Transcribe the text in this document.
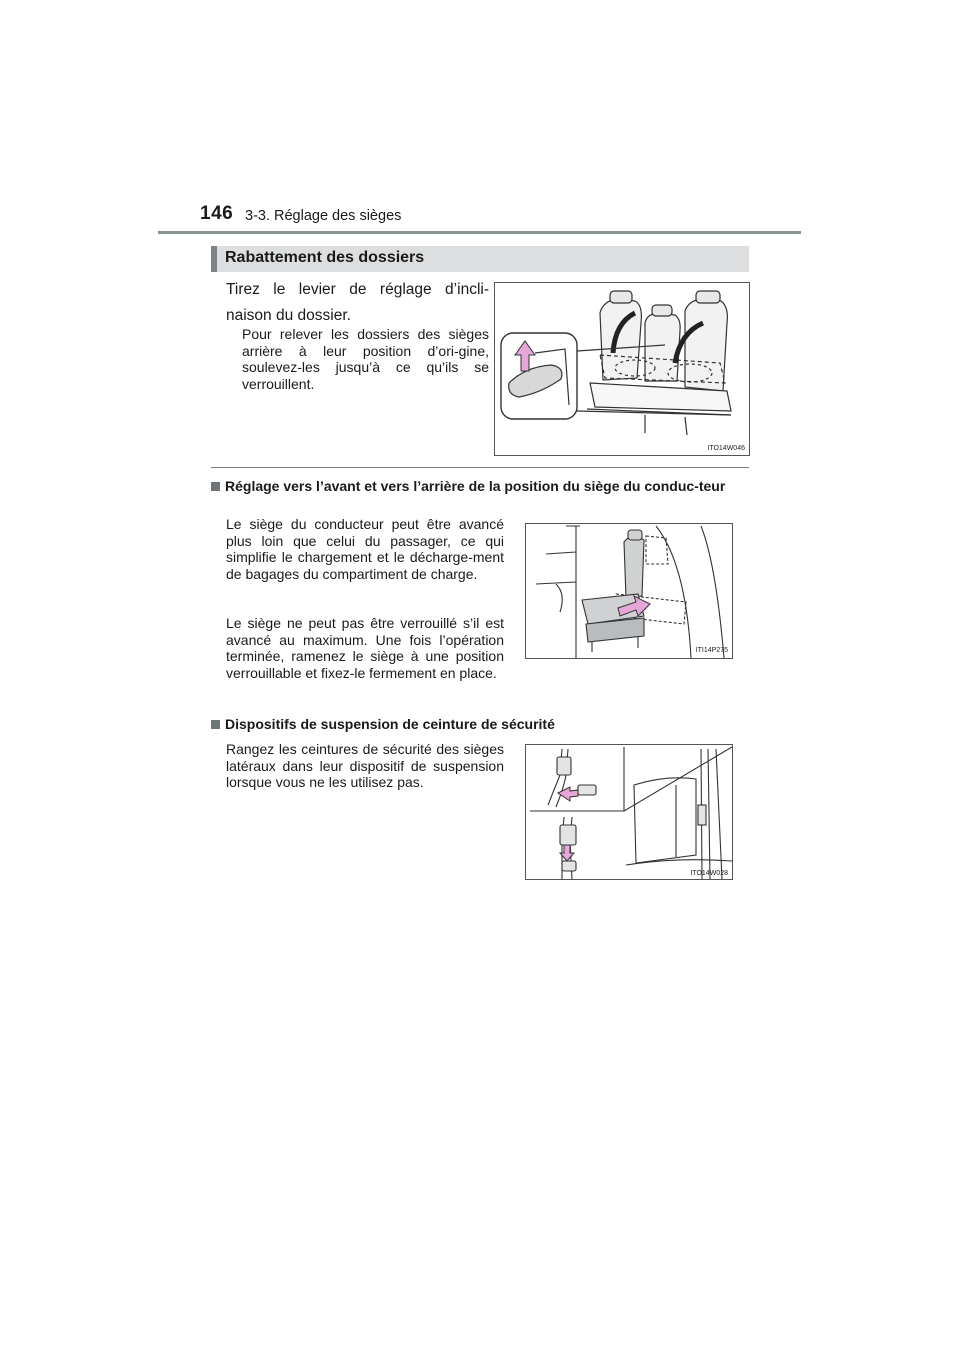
146 3-3. Réglage des sièges
Rabattement des dossiers
Tirez le levier de réglage d’incli-naison du dossier.
Pour relever les dossiers des sièges arrière à leur position d’ori-gine, soulevez-les jusqu’à ce qu’ils se verrouillent.
ITO14W046
Réglage vers l’avant et vers l’arrière de la position du siège du conduc-teur
Le siège du conducteur peut être avancé plus loin que celui du passager, ce qui simplifie le chargement et le décharge-ment de bagages du compartiment de charge.
Le siège ne peut pas être verrouillé s’il est avancé au maximum. Une fois l’opération terminée, ramenez le siège à une position verrouillable et fixez-le fermement en place.
ITI14P275
Dispositifs de suspension de ceinture de sécurité
Rangez les ceintures de sécurité des sièges latéraux dans leur dispositif de suspension lorsque vous ne les utilisez pas.
ITO14W028
